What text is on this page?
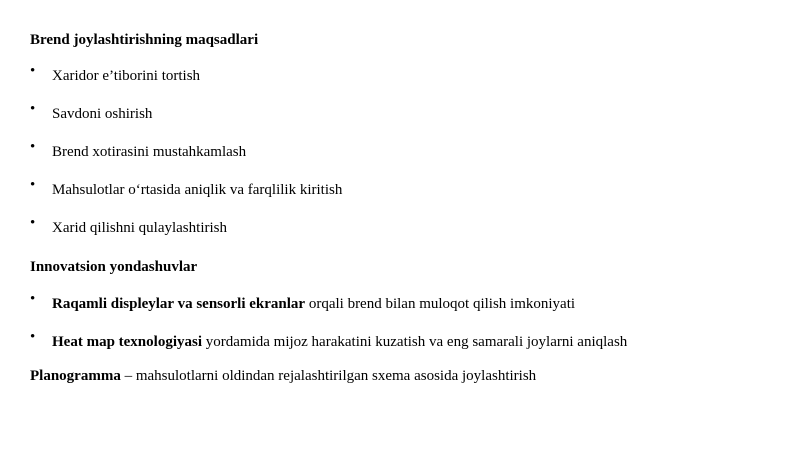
Brend joylashtirishning maqsadlari
• Xaridor e’tiborini tortish
• Savdoni oshirish
• Brend xotirasini mustahkamlash
• Mahsulotlar o‘rtasida aniqlik va farqlilik kiritish
• Xarid qilishni qulaylashtirish
Innovatsion yondashuvlar
• Raqamli displeylar va sensorli ekranlar orqali brend bilan muloqot qilish imkoniyati
• Heat map texnologiyasi yordamida mijoz harakatini kuzatish va eng samarali joylarni aniqlash
Planogramma – mahsulotlarni oldindan rejalashtirilgan sxema asosida joylashtirish
